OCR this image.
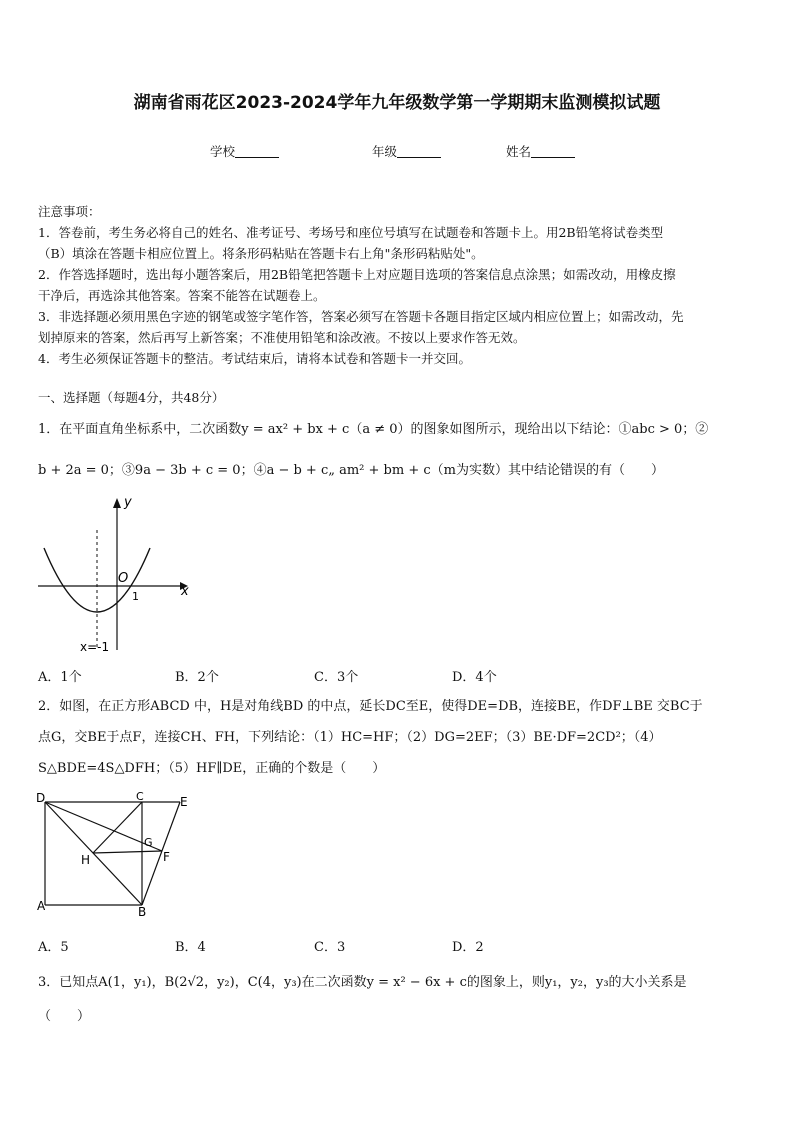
湖南省雨花区2023-2024学年九年级数学第一学期期末监测模拟试题
学校	年级	姓名

注意事项：

1．答卷前，考生务必将自己的姓名、准考证号、考场号和座位号填写在试题卷和答题卡上。用2B铅笔将试卷类型

（B）填涂在答题卡相应位置上。将条形码粘贴在答题卡右上角"条形码粘贴处"。

2．作答选择题时，选出每小题答案后，用2B铅笔把答题卡上对应题目选项的答案信息点涂黑；如需改动，用橡皮擦

干净后，再选涂其他答案。答案不能答在试题卷上。

3．非选择题必须用黑色字迹的钢笔或签字笔作答，答案必须写在答题卡各题目指定区域内相应位置上；如需改动，先

划掉原来的答案，然后再写上新答案；不准使用铅笔和涂改液。不按以上要求作答无效。

4．考生必须保证答题卡的整洁。考试结束后，请将本试卷和答题卡一并交回。

一、选择题（每题4分，共48分）
1．在平面直角坐标系中，二次函数y = ax² + bx + c（a ≠ 0）的图象如图所示，现给出以下结论：①abc > 0；②
b + 2a = 0；③9a − 3b + c = 0；④a − b + c„ am² + bm + c（m为实数）其中结论错误的有（　　）
y
x
O
1
x=-1
A．1个	B．2个	C．3个	D．4个
2．如图，在正方形ABCD 中，H是对角线BD 的中点，延长DC至E，使得DE=DB，连接BE，作DF⊥BE 交BC于
点G，交BE于点F，连接CH、FH，下列结论：（1）HC=HF；（2）DG=2EF；（3）BE·DF=2CD²；（4）
S△BDE=4S△DFH；（5）HF∥DE，正确的个数是（　　）
D	C	E
G
H	F
A	B
A．5	B．4	C．3	D．2
3．已知点A(1，y₁)，B(2√2，y₂)，C(4，y₃)在二次函数y = x² − 6x + c的图象上，则y₁，y₂，y₃的大小关系是
（　　）
